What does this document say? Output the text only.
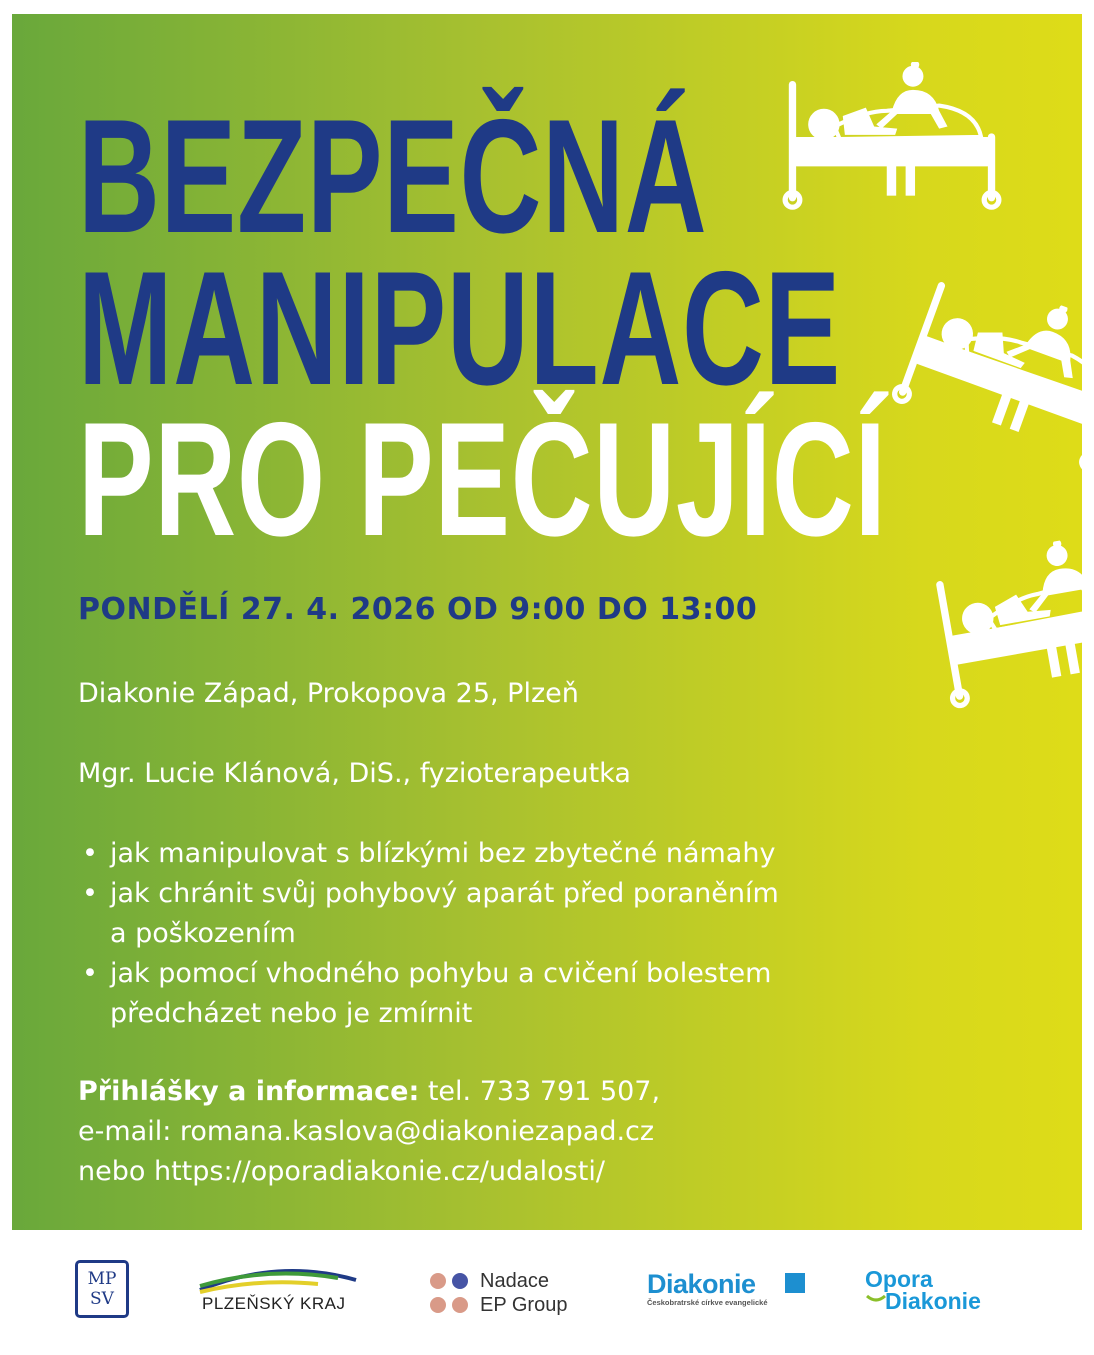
BEZPEČNÁ
MANIPULACE
PRO PEČUJÍCÍ
PONDĚLÍ 27. 4. 2026 OD 9:00 DO 13:00
Diakonie Západ, Prokopova 25, Plzeň
Mgr. Lucie Klánová, DiS., fyzioterapeutka
• jak manipulovat s blízkými bez zbytečné námahy
• jak chránit svůj pohybový aparát před poraněním
a poškozením
• jak pomocí vhodného pohybu a cvičení bolestem
předcházet nebo je zmírnit
Přihlášky a informace: tel. 733 791 507,
e-mail: romana.kaslova@diakoniezapad.cz
nebo https://oporadiakonie.cz/udalosti/
MP
SV	PLZEŇSKÝ KRAJ
Nadace
EP Group
Diakonie
Českobratrské církve evangelické
Opora
Diakonie
